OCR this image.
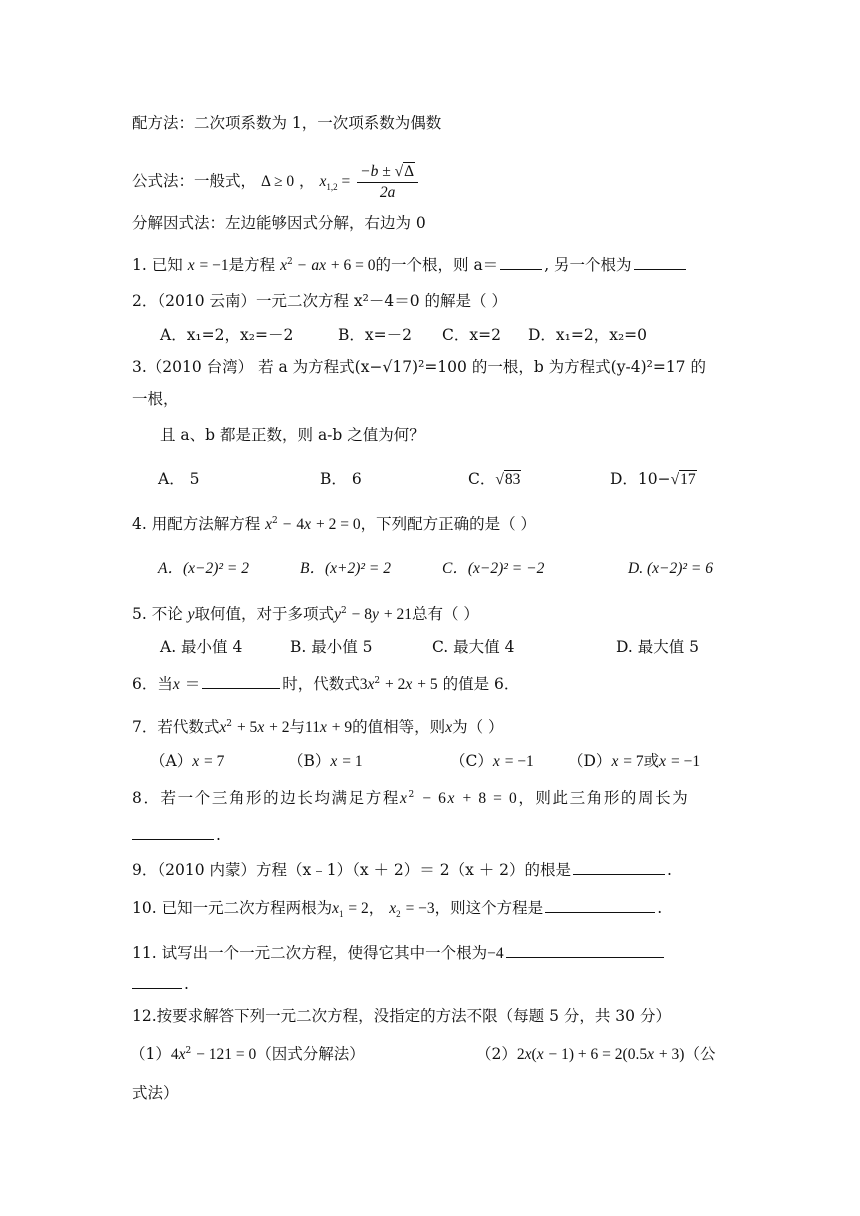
配方法：二次项系数为 1，一次项系数为偶数
公式法：一般式， Δ ≥ 0 ， $x_{1,2} = \frac{-b \pm √\Delta}{2a}$
分解因式法：左边能够因式分解，右边为 0
1. 已知 x = −1是方程 $x^2$ − ax + 6 = 0的一个根，则 a＝	, 另一个根为
2．（2010 云南）一元二次方程 x²－4＝0 的解是（ ）
A．x₁=2，x₂=－2	B．x=－2 C．x=2 D．x₁=2，x₂=0
3.（2010 台湾） 若 a 为方程式(x−√17)²=100 的一根，b 为方程式(y-4)²=17 的
一根，
且 a、b 都是正数，则 a-b 之值为何？
A． 5	B． 6	C．√83	D．10−√17
4. 用配方法解方程 $x^2 - 4x + 2 = 0$，下列配方正确的是（ ）
A．(x−2)² = 2	B．(x+2)² = 2	C．(x−2)² = −2	D. (x−2)² = 6
5. 不论 y取何值，对于多项式$y^2 - 8y + 21$总有（ ）
A. 最小值 4	B. 最小值 5	C. 最大值 4	D. 最大值 5
6．当x ＝	时，代数式$3x^2 + 2x + 5$ 的值是 6．
7．若代数式$x^2 + 5x + 2$与11x + 9的值相等，则x为（ ）
（A）x = 7	（B）x = 1	（C）x = −1 （D）x = 7或x = −1
8．若一个三角形的边长均满足方程$x^2 - 6x + 8 = 0$，则此三角形的周长为
.
9．（2010 内蒙）方程（x﹣1）（x ＋ 2）＝ 2（x ＋ 2）的根是	.
10. 已知一元二次方程两根为$x_1 = 2$， $x_2 = -3$，则这个方程是	.
11. 试写出一个一元二次方程，使得它其中一个根为−4
.
12.按要求解答下列一元二次方程，没指定的方法不限（每题 5 分，共 30 分）
$(1)4x^2 - 121 = 0$（因式分解法）	（2）2x(x − 1) + 6 = 2(0.5x + 3)（公
式法）
